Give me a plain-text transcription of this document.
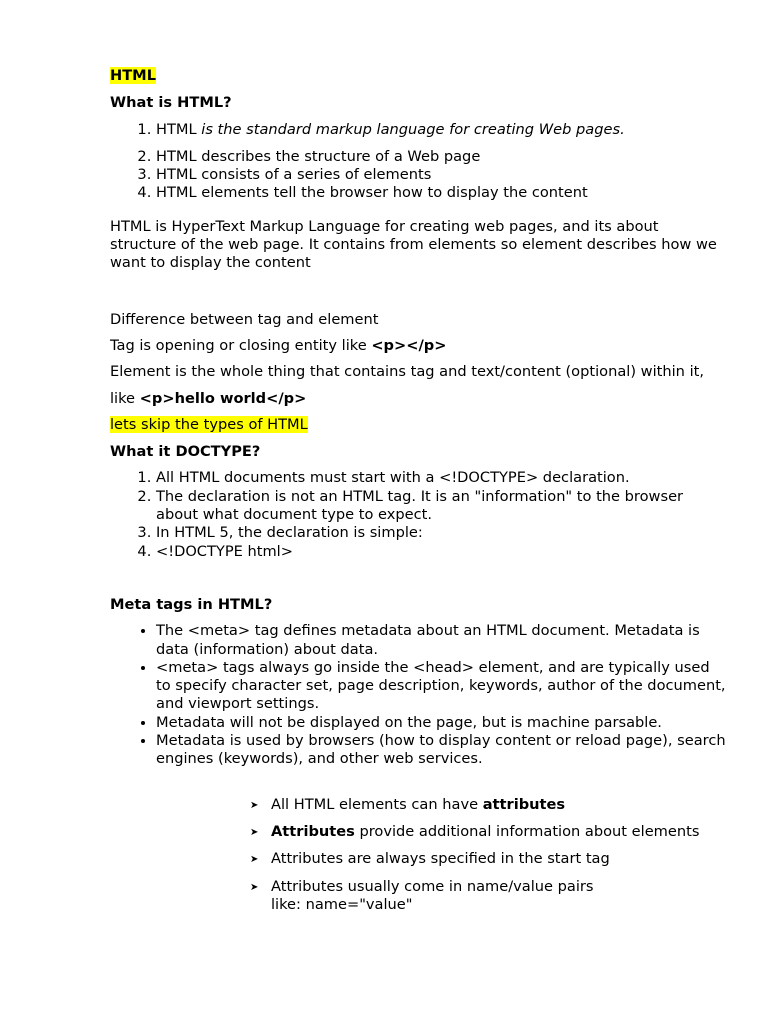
HTML

What is HTML?

1. HTML is the standard markup language for creating Web pages.
2. HTML describes the structure of a Web page
3. HTML consists of a series of elements
4. HTML elements tell the browser how to display the content

HTML is HyperText Markup Language for creating web pages, and its about structure of the web page. It contains from elements so element describes how we want to display the content

Difference between tag and element

Tag is opening or closing entity like <p></p>

Element is the whole thing that contains tag and text/content (optional) within it,

like <p>hello world</p>

lets skip the types of HTML

What it DOCTYPE?

1. All HTML documents must start with a <!DOCTYPE> declaration.
2. The declaration is not an HTML tag. It is an "information" to the browser about what document type to expect.
3. In HTML 5, the declaration is simple:
4. <!DOCTYPE html>

Meta tags in HTML?

• The <meta> tag defines metadata about an HTML document. Metadata is data (information) about data.
• <meta> tags always go inside the <head> element, and are typically used to specify character set, page description, keywords, author of the document, and viewport settings.
• Metadata will not be displayed on the page, but is machine parsable.
• Metadata is used by browsers (how to display content or reload page), search engines (keywords), and other web services.
➤ All HTML elements can have attributes
➤ Attributes provide additional information about elements
➤ Attributes are always specified in the start tag
➤ Attributes usually come in name/value pairs
like: name="value"
